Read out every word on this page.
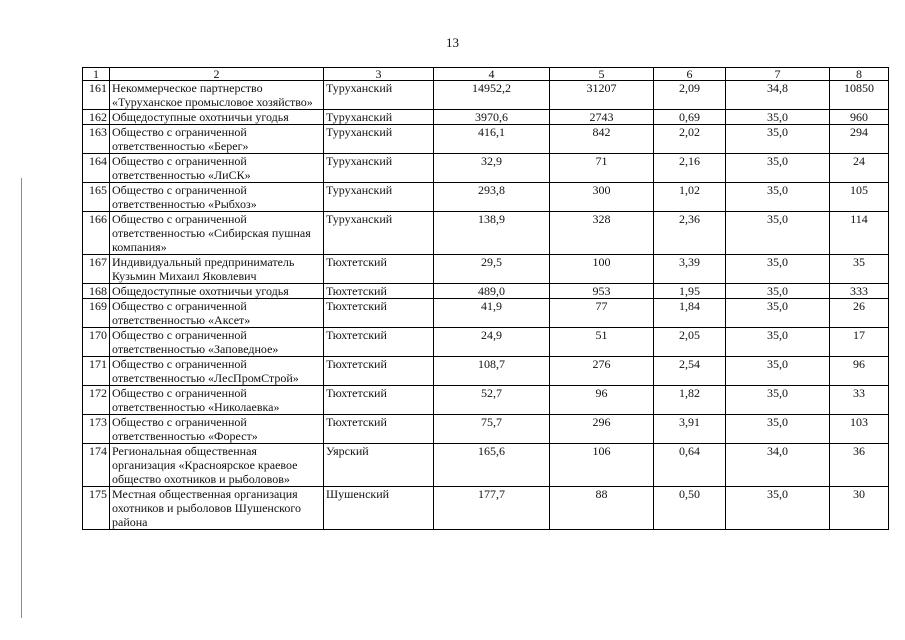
13
1	2	3	4	5	6	7	8
161	Некоммерческое партнерство «Туруханское промысловое хозяйство»	Туруханский	14952,2	31207	2,09	34,8	10850
162	Общедоступные охотничьи угодья	Туруханский	3970,6	2743	0,69	35,0	960
163	Общество с ограниченной ответственностью «Берег»	Туруханский	416,1	842	2,02	35,0	294
164	Общество с ограниченной ответственностью «ЛиСК»	Туруханский	32,9	71	2,16	35,0	24
165	Общество с ограниченной ответственностью «Рыбхоз»	Туруханский	293,8	300	1,02	35,0	105
166	Общество с ограниченной ответственностью «Сибирская пушная компания»	Туруханский	138,9	328	2,36	35,0	114
167	Индивидуальный предприниматель Кузьмин Михаил Яковлевич	Тюхтетский	29,5	100	3,39	35,0	35
168	Общедоступные охотничьи угодья	Тюхтетский	489,0	953	1,95	35,0	333
169	Общество с ограниченной ответственностью «Аксет»	Тюхтетский	41,9	77	1,84	35,0	26
170	Общество с ограниченной ответственностью «Заповедное»	Тюхтетский	24,9	51	2,05	35,0	17
171	Общество с ограниченной ответственностью «ЛесПромСтрой»	Тюхтетский	108,7	276	2,54	35,0	96
172	Общество с ограниченной ответственностью «Николаевка»	Тюхтетский	52,7	96	1,82	35,0	33
173	Общество с ограниченной ответственностью «Форест»	Тюхтетский	75,7	296	3,91	35,0	103
174	Региональная общественная организация «Красноярское краевое общество охотников и рыболовов»	Уярский	165,6	106	0,64	34,0	36
175	Местная общественная организация охотников и рыболовов Шушенского района	Шушенский	177,7	88	0,50	35,0	30
